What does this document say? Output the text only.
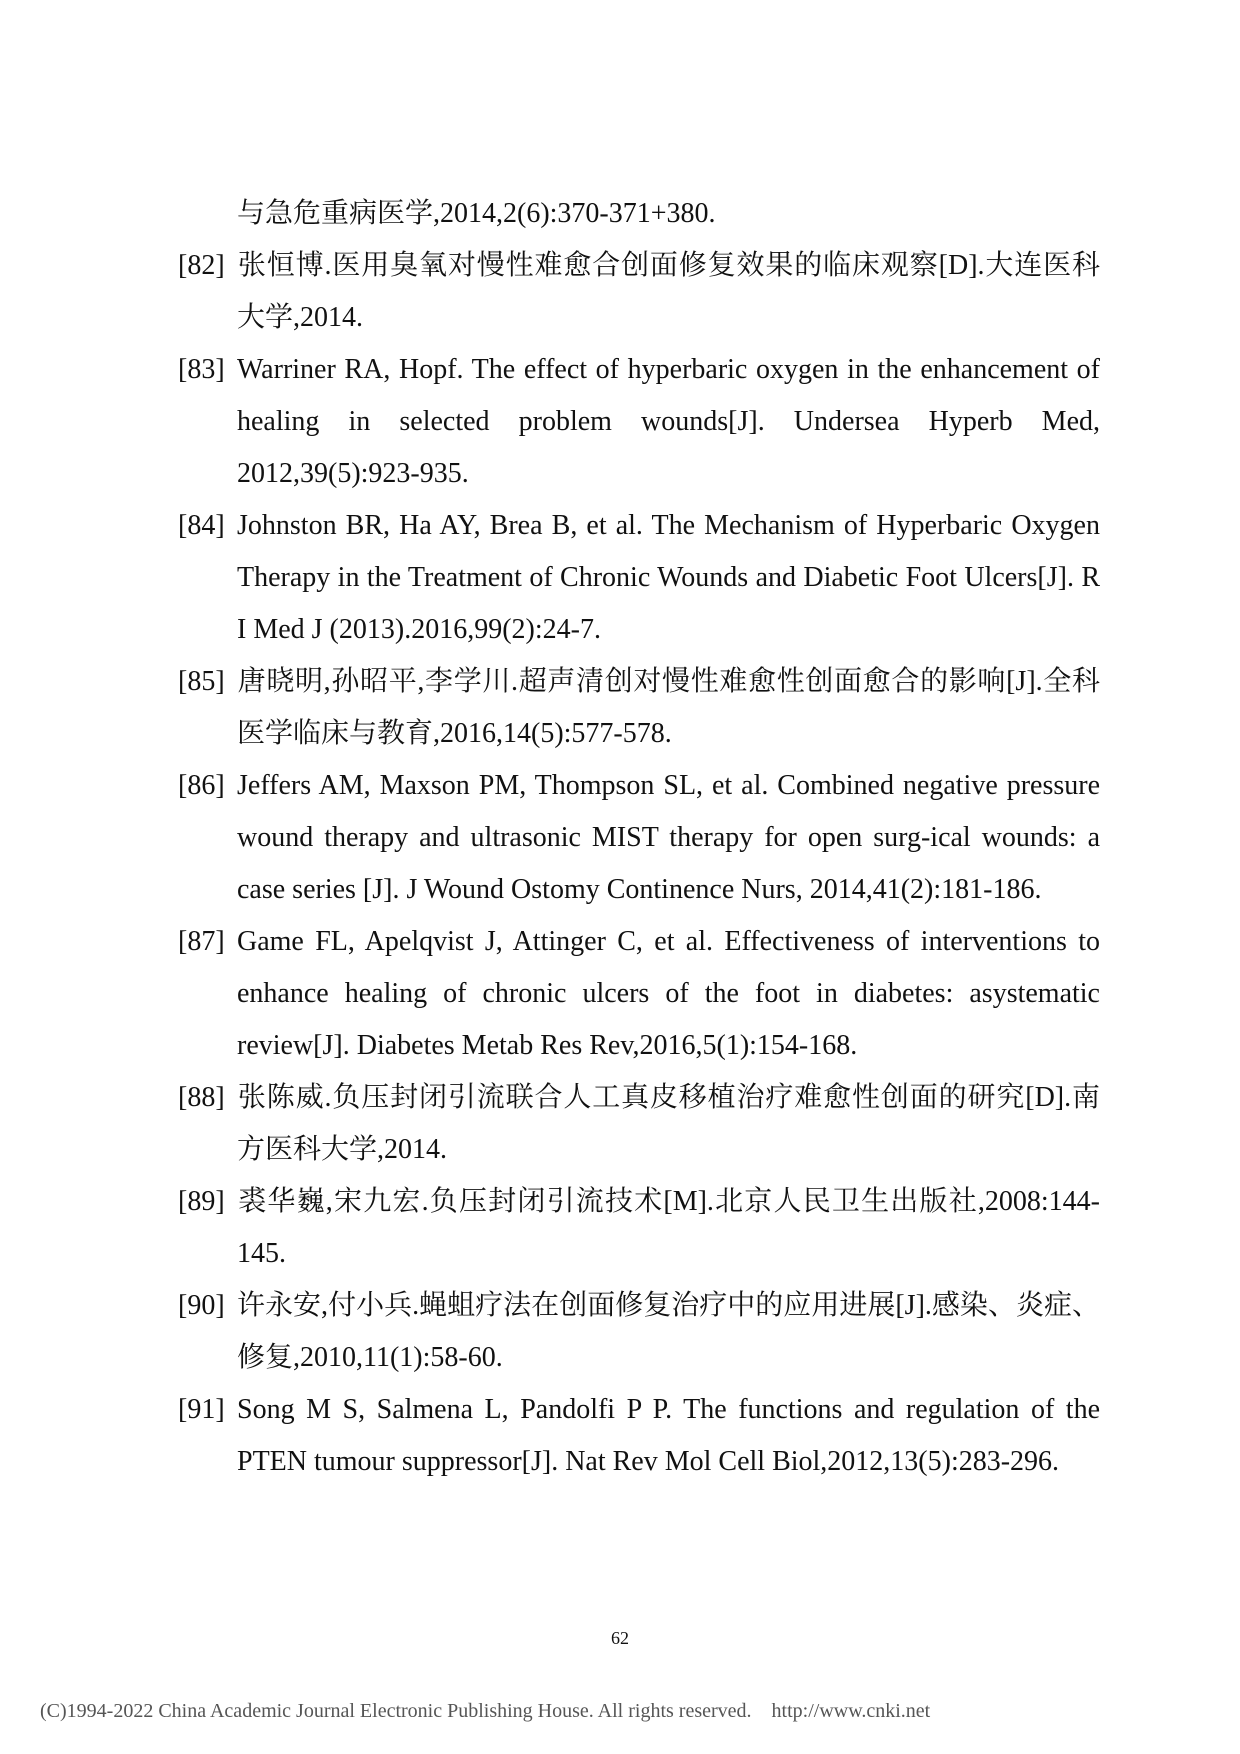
与急危重病医学,2014,2(6):370-371+380.

[82] 张恒博.医用臭氧对慢性难愈合创面修复效果的临床观察[D].大连医科大学,2014.

[83] Warriner RA, Hopf. The effect of hyperbaric oxygen in the enhancement of healing in selected problem wounds[J]. Undersea Hyperb Med, 2012,39(5):923-935.

[84] Johnston BR, Ha AY, Brea B, et al. The Mechanism of Hyperbaric Oxygen Therapy in the Treatment of Chronic Wounds and Diabetic Foot Ulcers[J]. R I Med J (2013).2016,99(2):24-7.

[85] 唐晓明,孙昭平,李学川.超声清创对慢性难愈性创面愈合的影响[J].全科医学临床与教育,2016,14(5):577-578.

[86] Jeffers AM, Maxson PM, Thompson SL, et al. Combined negative pressure wound therapy and ultrasonic MIST therapy for open surg-ical wounds: a case series [J]. J Wound Ostomy Continence Nurs, 2014,41(2):181-186.

[87] Game FL, Apelqvist J, Attinger C, et al. Effectiveness of interventions to enhance healing of chronic ulcers of the foot in diabetes: asystematic review[J]. Diabetes Metab Res Rev,2016,5(1):154-168.

[88] 张陈威.负压封闭引流联合人工真皮移植治疗难愈性创面的研究[D].南方医科大学,2014.

[89] 裘华巍,宋九宏.负压封闭引流技术[M].北京人民卫生出版社,2008:144-145.

[90] 许永安,付小兵.蝇蛆疗法在创面修复治疗中的应用进展[J].感染、炎症、修复,2010,11(1):58-60.

[91] Song M S, Salmena L, Pandolfi P P. The functions and regulation of the PTEN tumour suppressor[J]. Nat Rev Mol Cell Biol,2012,13(5):283-296.

62
(C)1994-2022 China Academic Journal Electronic Publishing House. All rights reserved.    http://www.cnki.net
